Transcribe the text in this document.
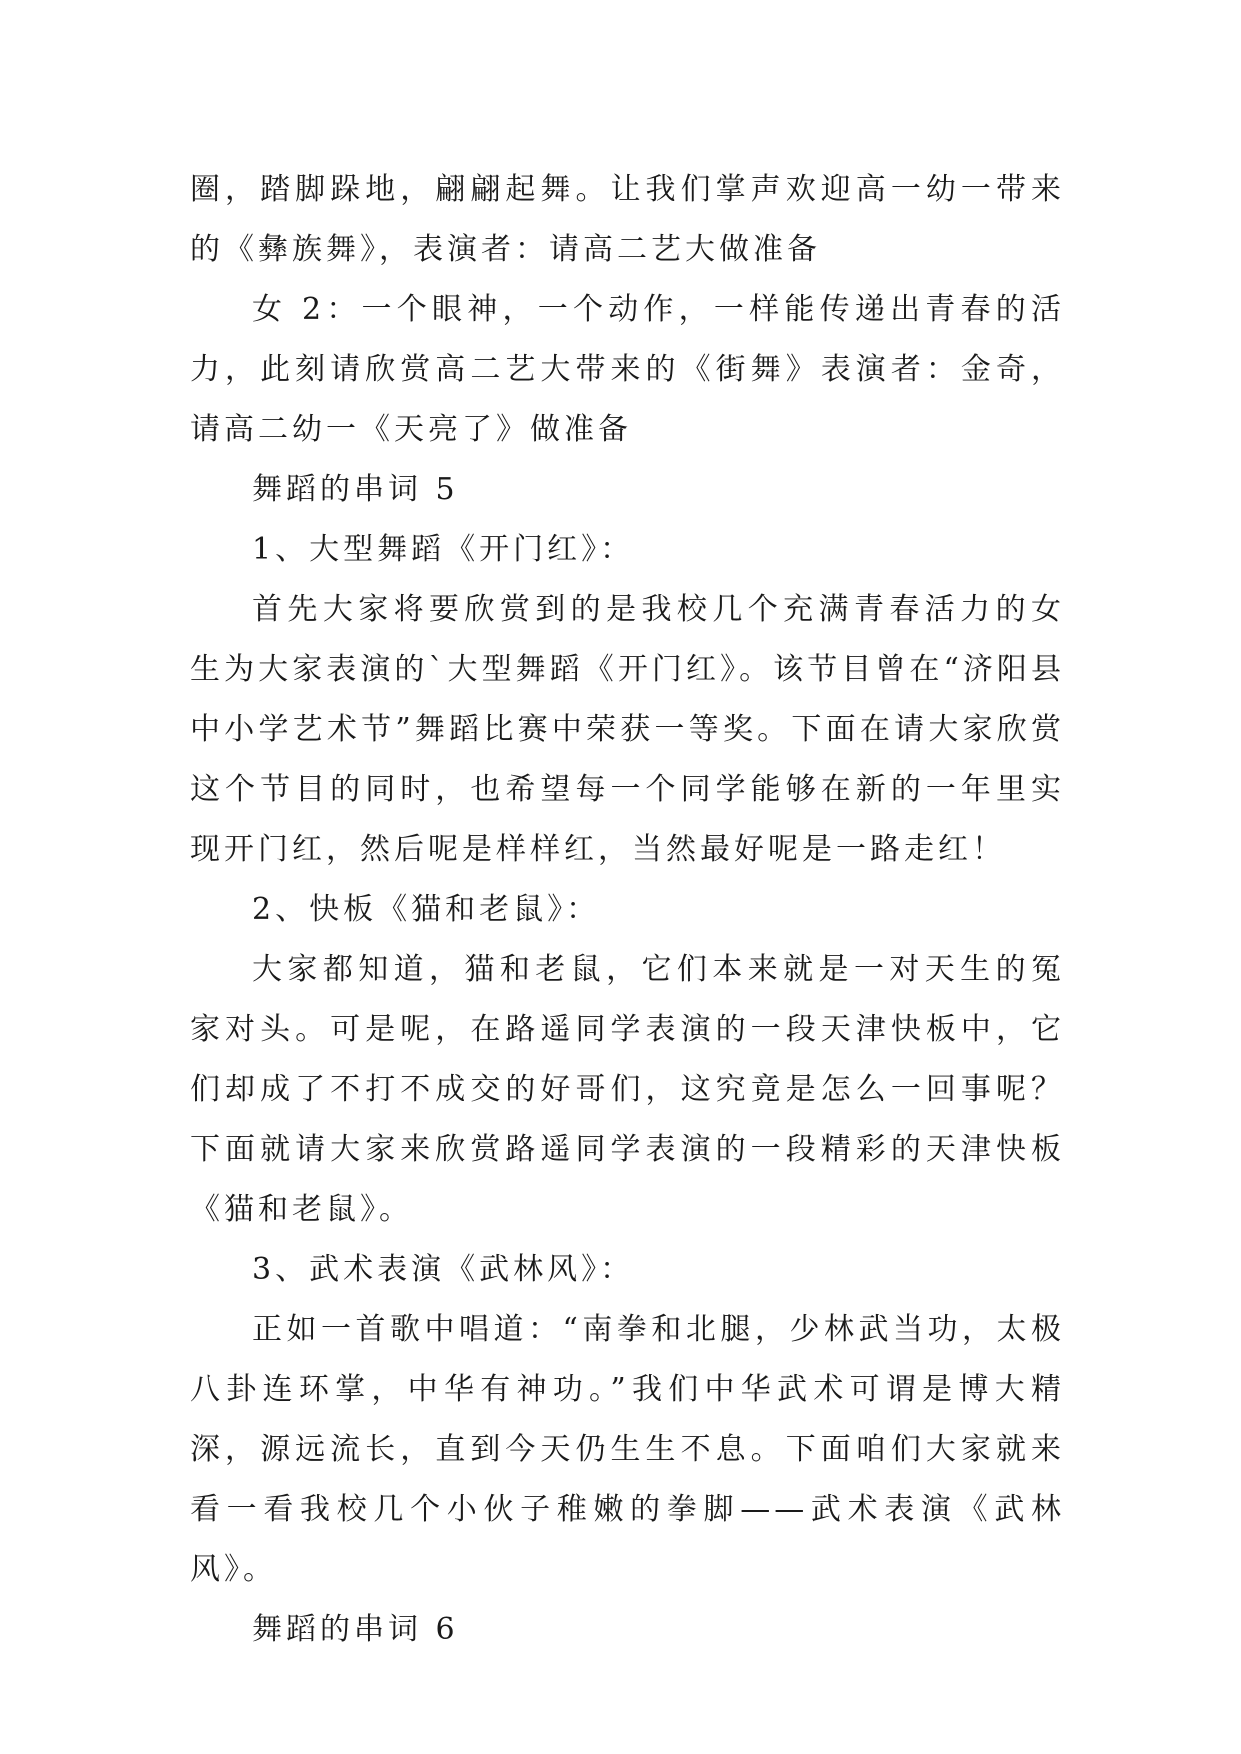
圈，踏脚跺地，翩翩起舞。让我们掌声欢迎高一幼一带来的《彝族舞》，表演者：请高二艺大做准备

女 2：一个眼神，一个动作，一样能传递出青春的活力，此刻请欣赏高二艺大带来的《街舞》表演者：金奇，请高二幼一《天亮了》做准备

舞蹈的串词 5

1、大型舞蹈《开门红》：

首先大家将要欣赏到的是我校几个充满青春活力的女生为大家表演的`大型舞蹈《开门红》。该节目曾在“济阳县中小学艺术节”舞蹈比赛中荣获一等奖。下面在请大家欣赏这个节目的同时，也希望每一个同学能够在新的一年里实现开门红，然后呢是样样红，当然最好呢是一路走红！

2、快板《猫和老鼠》：

大家都知道，猫和老鼠，它们本来就是一对天生的冤家对头。可是呢，在路遥同学表演的一段天津快板中，它们却成了不打不成交的好哥们，这究竟是怎么一回事呢？下面就请大家来欣赏路遥同学表演的一段精彩的天津快板《猫和老鼠》。

3、武术表演《武林风》：

正如一首歌中唱道：“南拳和北腿，少林武当功，太极八卦连环掌，中华有神功。”我们中华武术可谓是博大精深，源远流长，直到今天仍生生不息。下面咱们大家就来看一看我校几个小伙子稚嫩的拳脚——武术表演《武林风》。

舞蹈的串词 6
